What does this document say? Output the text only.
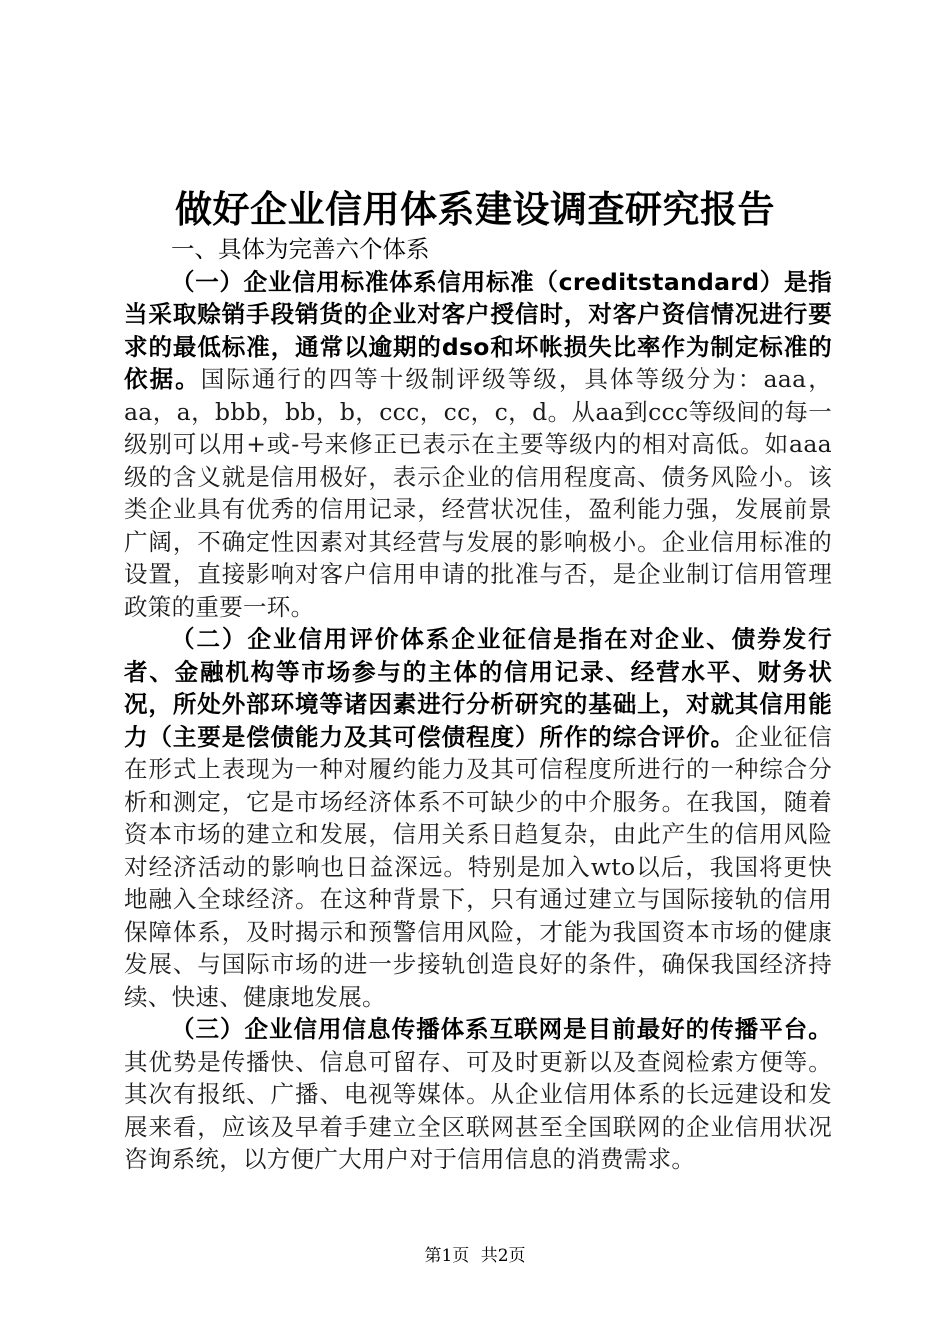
做好企业信用体系建设调查研究报告

一、具体为完善六个体系

（一）企业信用标准体系信用标准（creditstandard）是指当采取赊销手段销货的企业对客户授信时，对客户资信情况进行要求的最低标准，通常以逾期的dso和坏帐损失比率作为制定标准的依据。国际通行的四等十级制评级等级，具体等级分为：aaa，aa，a，bbb，bb，b，ccc，cc，c，d。从aa到ccc等级间的每一级别可以用+或-号来修正已表示在主要等级内的相对高低。如aaa级的含义就是信用极好，表示企业的信用程度高、债务风险小。该类企业具有优秀的信用记录，经营状况佳，盈利能力强，发展前景广阔，不确定性因素对其经营与发展的影响极小。企业信用标准的设置，直接影响对客户信用申请的批准与否，是企业制订信用管理政策的重要一环。

（二）企业信用评价体系企业征信是指在对企业、债券发行者、金融机构等市场参与的主体的信用记录、经营水平、财务状况，所处外部环境等诸因素进行分析研究的基础上，对就其信用能力（主要是偿债能力及其可偿债程度）所作的综合评价。企业征信在形式上表现为一种对履约能力及其可信程度所进行的一种综合分析和测定，它是市场经济体系不可缺少的中介服务。在我国，随着资本市场的建立和发展，信用关系日趋复杂，由此产生的信用风险对经济活动的影响也日益深远。特别是加入wto以后，我国将更快地融入全球经济。在这种背景下，只有通过建立与国际接轨的信用保障体系，及时揭示和预警信用风险，才能为我国资本市场的健康发展、与国际市场的进一步接轨创造良好的条件，确保我国经济持续、快速、健康地发展。

（三）企业信用信息传播体系互联网是目前最好的传播平台。其优势是传播快、信息可留存、可及时更新以及查阅检索方便等。其次有报纸、广播、电视等媒体。从企业信用体系的长远建设和发展来看，应该及早着手建立全区联网甚至全国联网的企业信用状况咨询系统，以方便广大用户对于信用信息的消费需求。

第1页 共2页
